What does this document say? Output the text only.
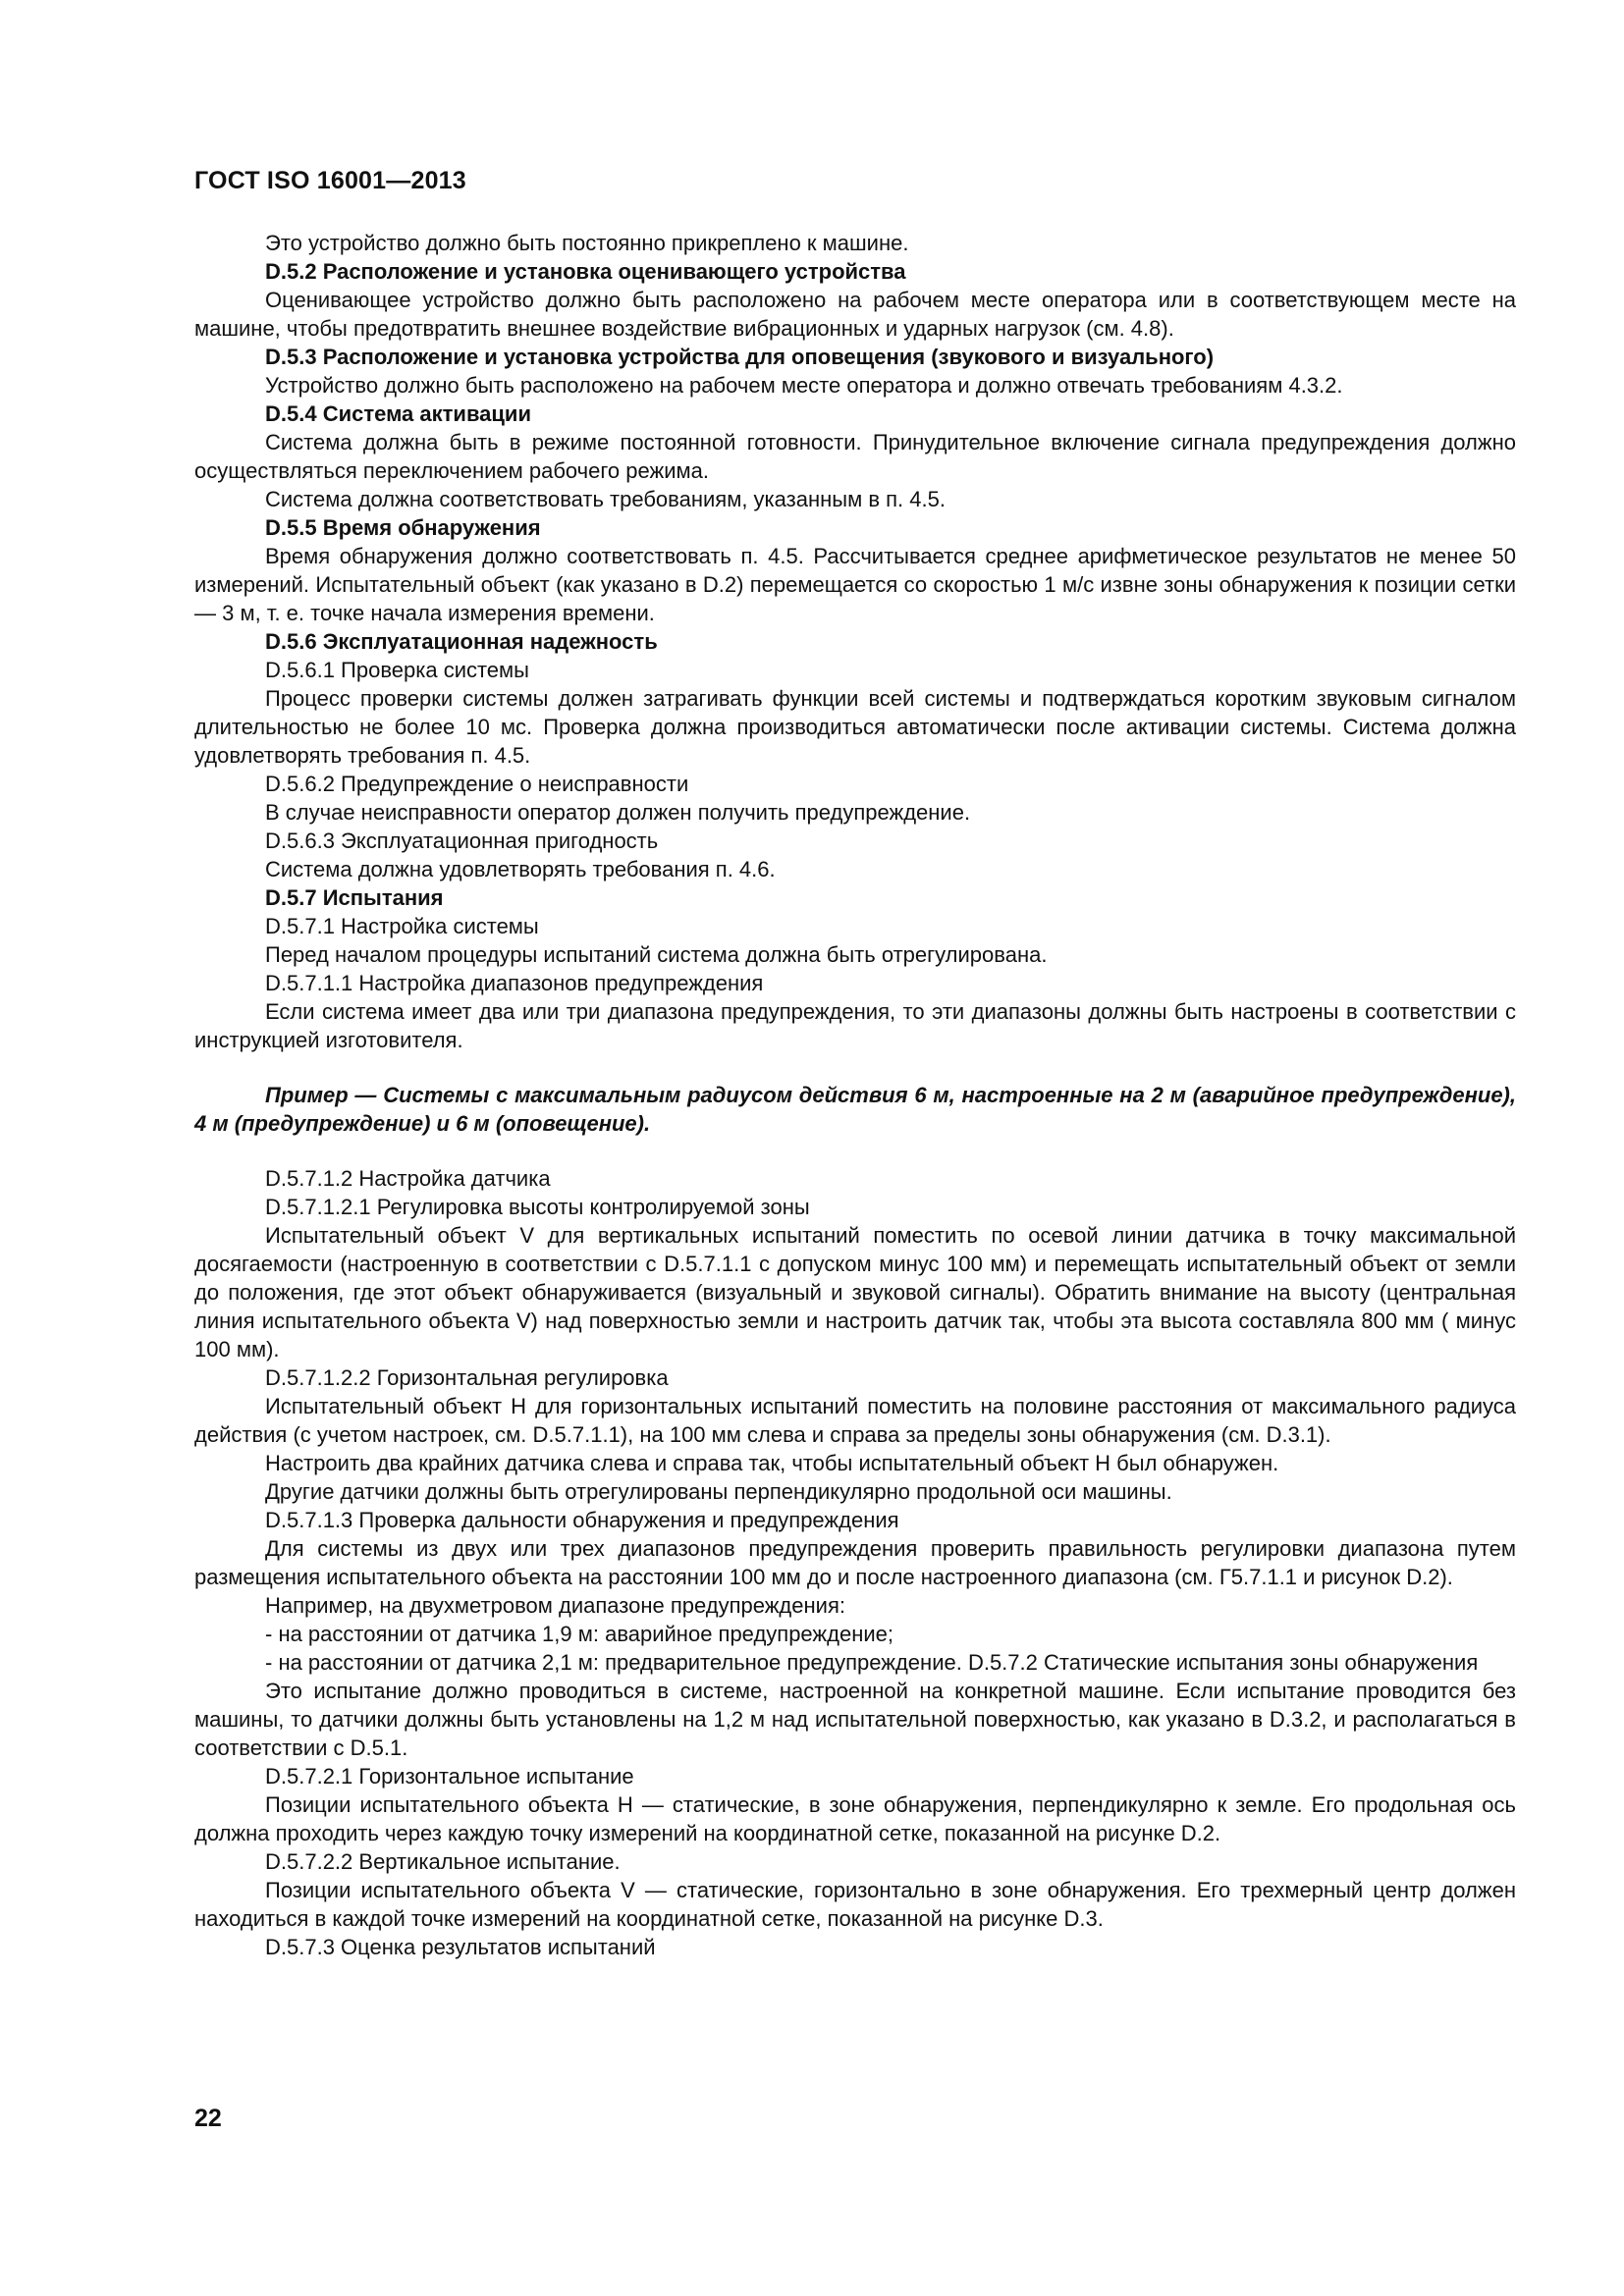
ГОСТ ISO 16001—2013

Это устройство должно быть постоянно прикреплено к машине.

D.5.2 Расположение и установка оценивающего устройства

Оценивающее устройство должно быть расположено на рабочем месте оператора или в соответствующем месте на машине, чтобы предотвратить внешнее воздействие вибрационных и ударных нагрузок (см. 4.8).

D.5.3 Расположение и установка устройства для оповещения (звукового и визуального)

Устройство должно быть расположено на рабочем месте оператора и должно отвечать требованиям 4.3.2.

D.5.4 Система активации

Система должна быть в режиме постоянной готовности. Принудительное включение сигнала предупреждения должно осуществляться переключением рабочего режима.

Система должна соответствовать требованиям, указанным в п. 4.5.

D.5.5 Время обнаружения

Время обнаружения должно соответствовать п. 4.5. Рассчитывается среднее арифметическое результатов не менее 50 измерений. Испытательный объект (как указано в D.2) перемещается со скоростью 1 м/с извне зоны обнаружения к позиции сетки — 3 м, т. е. точке начала измерения времени.

D.5.6 Эксплуатационная надежность

D.5.6.1 Проверка системы

Процесс проверки системы должен затрагивать функции всей системы и подтверждаться коротким звуковым сигналом длительностью не более 10 мс. Проверка должна производиться автоматически после активации системы. Система должна удовлетворять требования п. 4.5.

D.5.6.2 Предупреждение о неисправности

В случае неисправности оператор должен получить предупреждение.

D.5.6.3 Эксплуатационная пригодность

Система должна удовлетворять требования п. 4.6.

D.5.7 Испытания

D.5.7.1 Настройка системы

Перед началом процедуры испытаний система должна быть отрегулирована.

D.5.7.1.1 Настройка диапазонов предупреждения

Если система имеет два или три диапазона предупреждения, то эти диапазоны должны быть настроены в соответствии с инструкцией изготовителя.

Пример — Системы с максимальным радиусом действия 6 м, настроенные на 2 м (аварийное предупреждение), 4 м (предупреждение) и 6 м (оповещение).

D.5.7.1.2 Настройка датчика

D.5.7.1.2.1 Регулировка высоты контролируемой зоны

Испытательный объект V для вертикальных испытаний поместить по осевой линии датчика в точку максимальной досягаемости (настроенную в соответствии с D.5.7.1.1 с допуском минус 100 мм) и перемещать испытательный объект от земли до положения, где этот объект обнаруживается (визуальный и звуковой сигналы). Обратить внимание на высоту (центральная линия испытательного объекта V) над поверхностью земли и настроить датчик так, чтобы эта высота составляла 800 мм ( минус 100 мм).

D.5.7.1.2.2 Горизонтальная регулировка

Испытательный объект H для горизонтальных испытаний поместить на половине расстояния от максимального радиуса действия (с учетом настроек, см. D.5.7.1.1), на 100 мм слева и справа за пределы зоны обнаружения (см. D.3.1).

Настроить два крайних датчика слева и справа так, чтобы испытательный объект H был обнаружен.

Другие датчики должны быть отрегулированы перпендикулярно продольной оси машины.

D.5.7.1.3 Проверка дальности обнаружения и предупреждения

Для системы из двух или трех диапазонов предупреждения проверить правильность регулировки диапазона путем размещения испытательного объекта на расстоянии 100 мм до и после настроенного диапазона (см. Г5.7.1.1 и рисунок D.2).

Например, на двухметровом диапазоне предупреждения:

- на расстоянии от датчика 1,9 м: аварийное предупреждение;

- на расстоянии от датчика 2,1 м: предварительное предупреждение. D.5.7.2 Статические испытания зоны обнаружения

Это испытание должно проводиться в системе, настроенной на конкретной машине. Если испытание проводится без машины, то датчики должны быть установлены на 1,2 м над испытательной поверхностью, как указано в D.3.2, и располагаться в соответствии с D.5.1.

D.5.7.2.1 Горизонтальное испытание

Позиции испытательного объекта H — статические, в зоне обнаружения, перпендикулярно к земле. Его продольная ось должна проходить через каждую точку измерений на координатной сетке, показанной на рисунке D.2.

D.5.7.2.2 Вертикальное испытание.

Позиции испытательного объекта V — статические, горизонтально в зоне обнаружения. Его трехмерный центр должен находиться в каждой точке измерений на координатной сетке, показанной на рисунке D.3.

D.5.7.3 Оценка результатов испытаний

22
